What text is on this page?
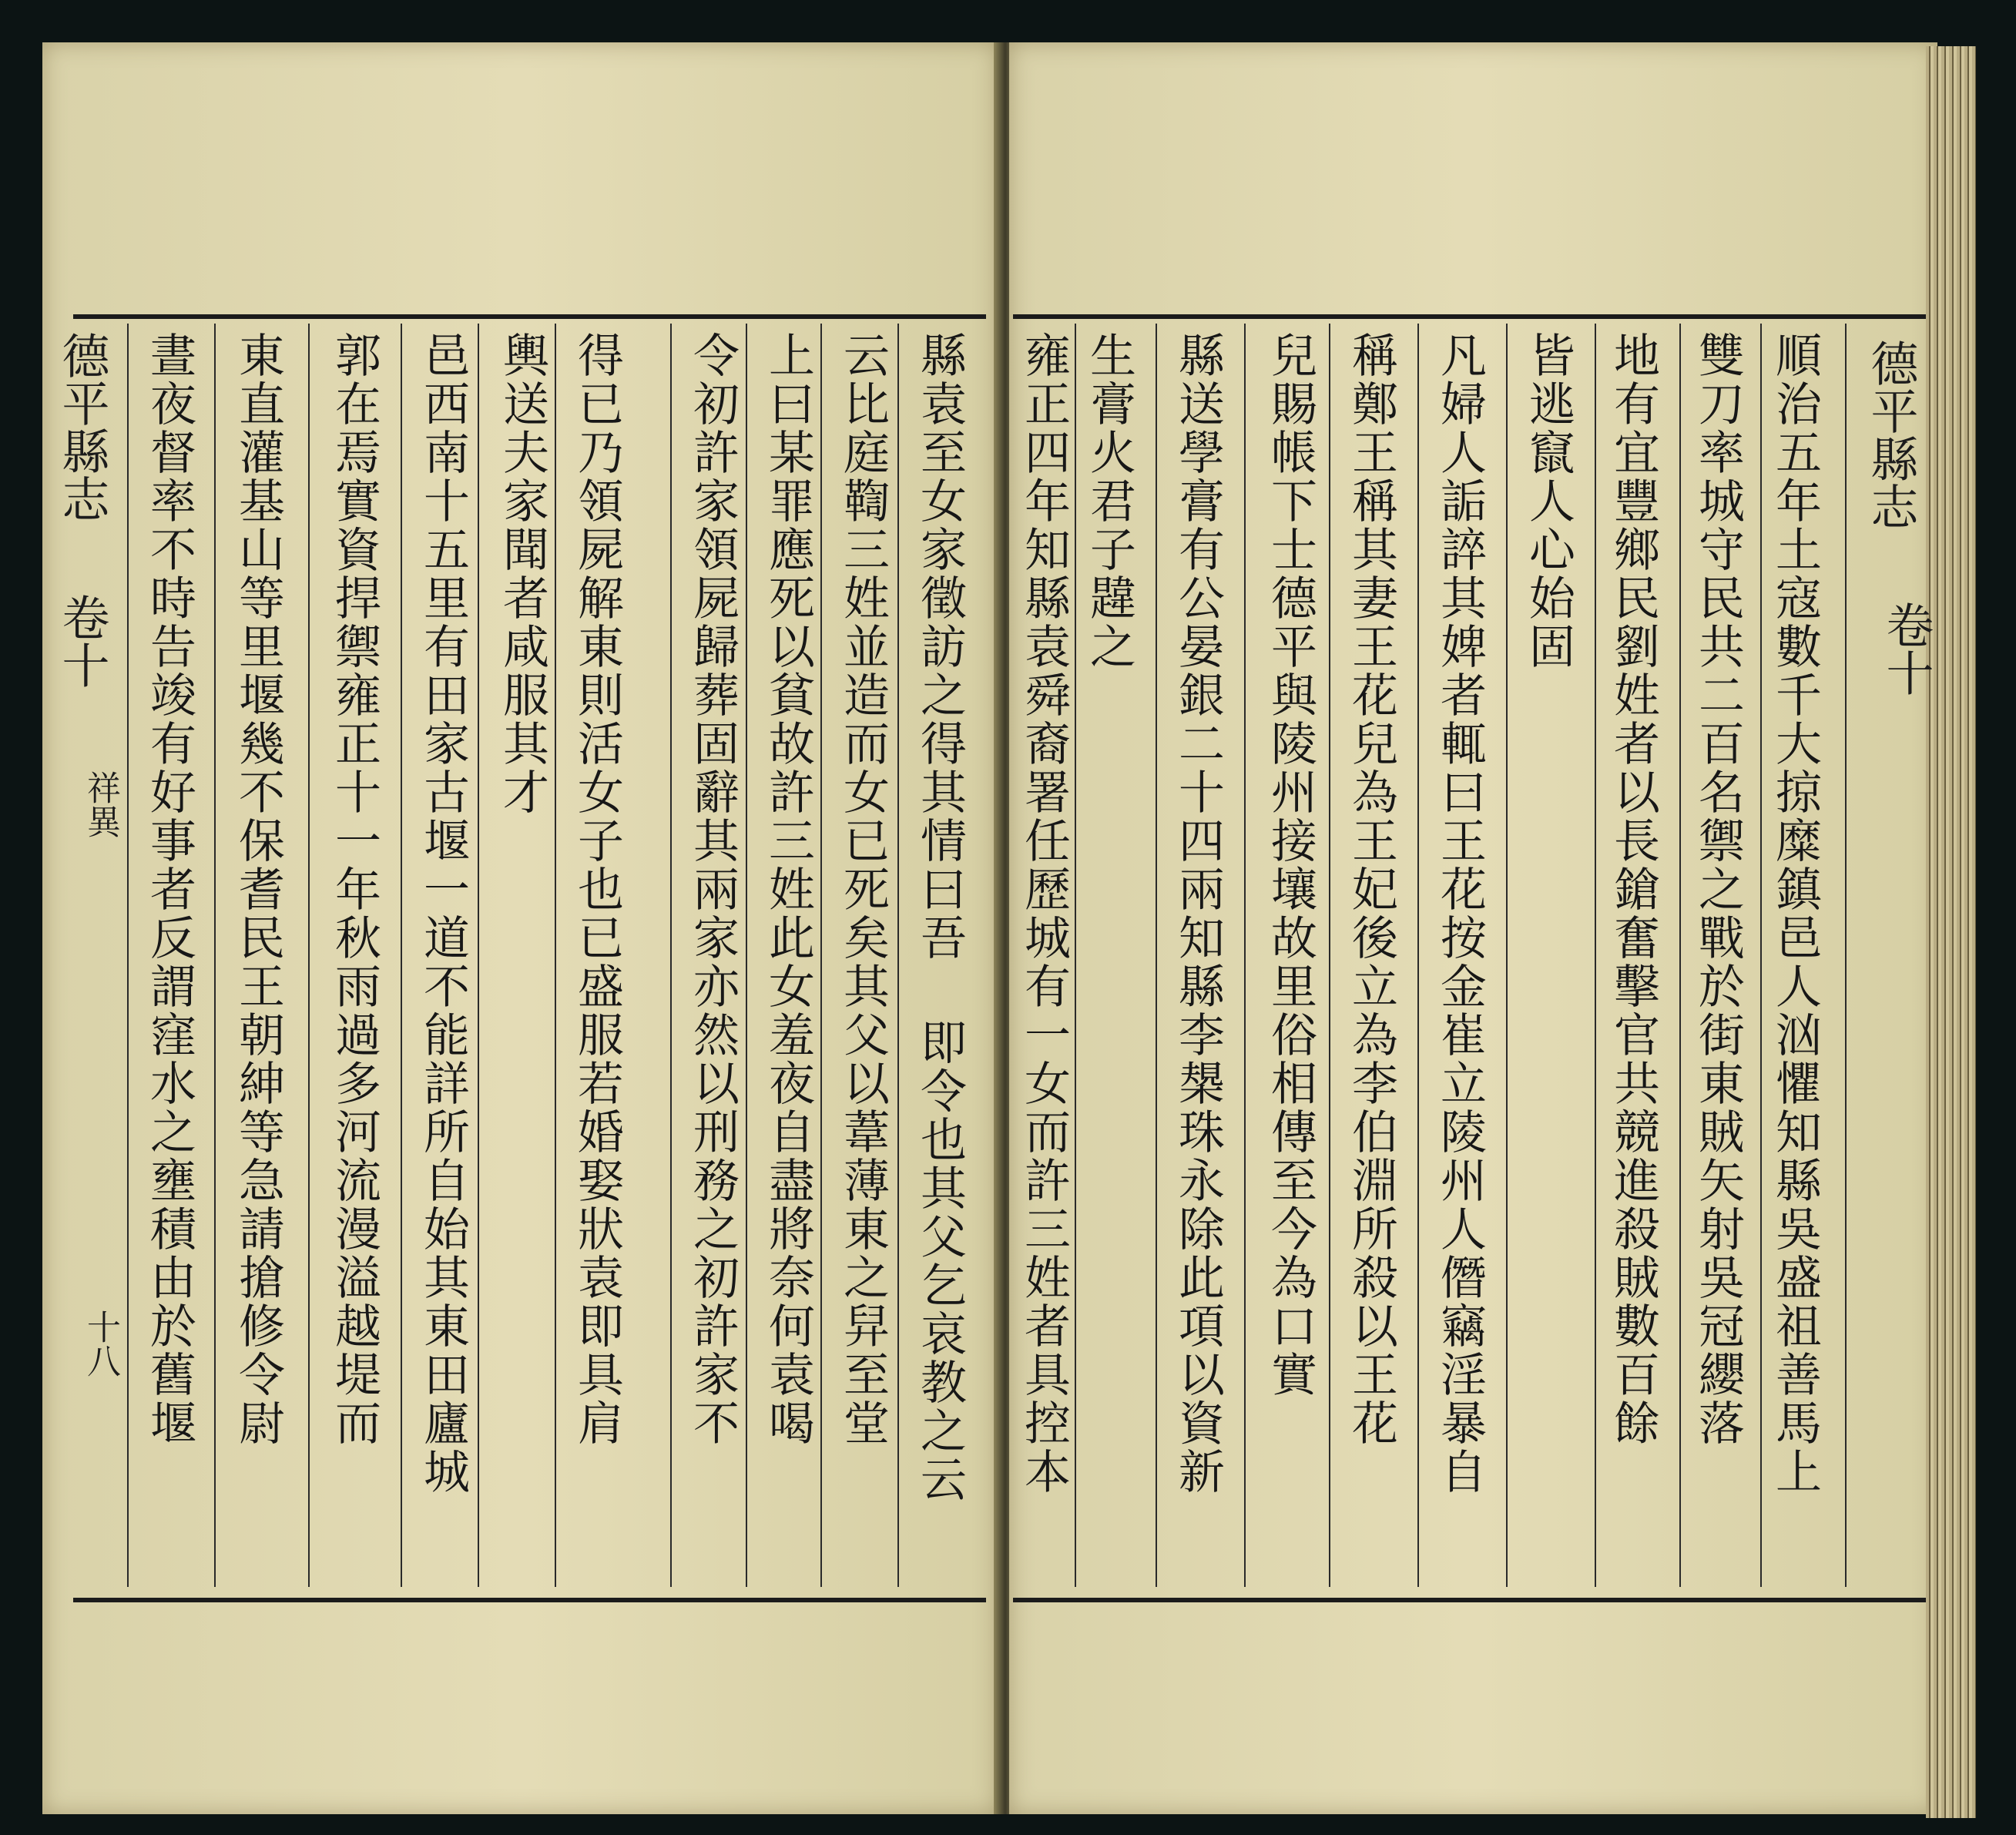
德平縣志
卷十
祥異
十八	縣袁至女家徵訪之得其情曰吾 即令也其父乞哀教之云
云比庭鞫三姓並造而女已死矣其父以葦薄東之舁至堂
上曰某罪應死以貧故許三姓此女羞夜自盡將奈何袁喝
令初許家領屍歸葬固辭其兩家亦然以刑務之初許家不
得已乃領屍解東則活女子也已盛服若婚娶狀袁即具肩
輿送夫家聞者咸服其才
邑西南十五里有田家古堰一道不能詳所自始其東田廬城
郭在焉實資捍禦雍正十一年秋雨過多河流漫溢越堤而
東直灌基山等里堰幾不保耆民王朝紳等急請搶修令尉
晝夜督率不時告竣有好事者反謂窪水之壅積由於舊堰	德平縣志
卷十
順治五年土寇數千大掠糜鎮邑人汹懼知縣吳盛祖善馬上
雙刀率城守民共二百名禦之戰於街東賊矢射吳冠纓落
地有宜豐鄉民劉姓者以長鎗奮擊官共競進殺賊數百餘
皆逃竄人心始固
凡婦人詬誶其婢者輒曰王花按金崔立陵州人僭竊淫暴自
稱鄭王稱其妻王花兒為王妃後立為李伯淵所殺以王花
兒賜帳下士德平與陵州接壤故里俗相傳至今為口實
縣送學膏有公晏銀二十四兩知縣李槼珠永除此項以資新
生膏火君子韙之
雍正四年知縣袁舜裔署任歷城有一女而許三姓者具控本
